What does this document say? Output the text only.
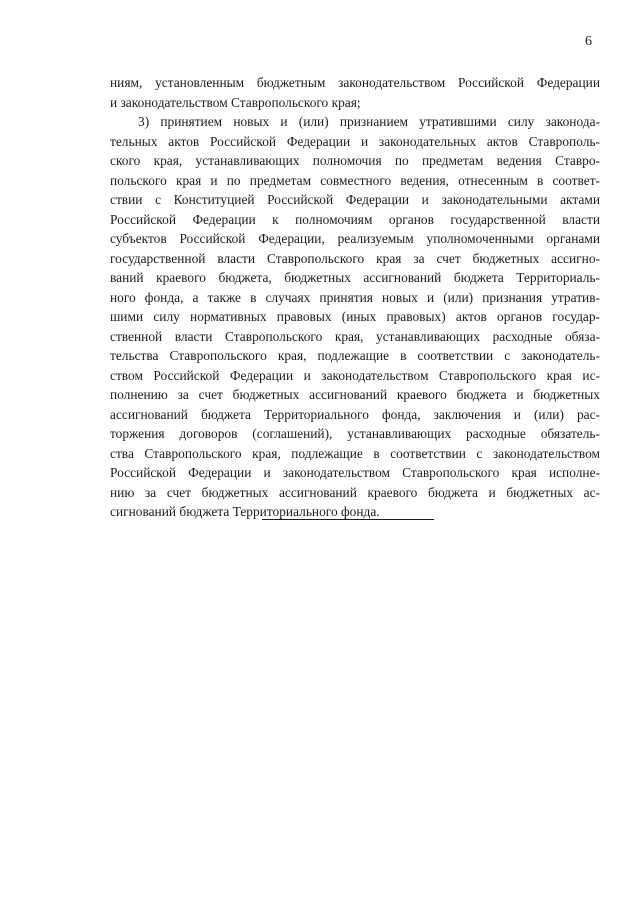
6
ниям, установленным бюджетным законодательством Российской Федерации
и законодательством Ставропольского края;
3) принятием новых и (или) признанием утратившими силу законода-
тельных актов Российской Федерации и законодательных актов Ставрополь-
ского края, устанавливающих полномочия по предметам ведения Ставро-
польского края и по предметам совместного ведения, отнесенным в соответ-
ствии с Конституцией Российской Федерации и законодательными актами
Российской Федерации к полномочиям органов государственной власти
субъектов Российской Федерации, реализуемым уполномоченными органами
государственной власти Ставропольского края за счет бюджетных ассигно-
ваний краевого бюджета, бюджетных ассигнований бюджета Территориаль-
ного фонда, а также в случаях принятия новых и (или) признания утратив-
шими силу нормативных правовых (иных правовых) актов органов государ-
ственной власти Ставропольского края, устанавливающих расходные обяза-
тельства Ставропольского края, подлежащие в соответствии с законодатель-
ством Российской Федерации и законодательством Ставропольского края ис-
полнению за счет бюджетных ассигнований краевого бюджета и бюджетных
ассигнований бюджета Территориального фонда, заключения и (или) рас-
торжения договоров (соглашений), устанавливающих расходные обязатель-
ства Ставропольского края, подлежащие в соответствии с законодательством
Российской Федерации и законодательством Ставропольского края исполне-
нию за счет бюджетных ассигнований краевого бюджета и бюджетных ас-
сигнований бюджета Территориального фонда.
